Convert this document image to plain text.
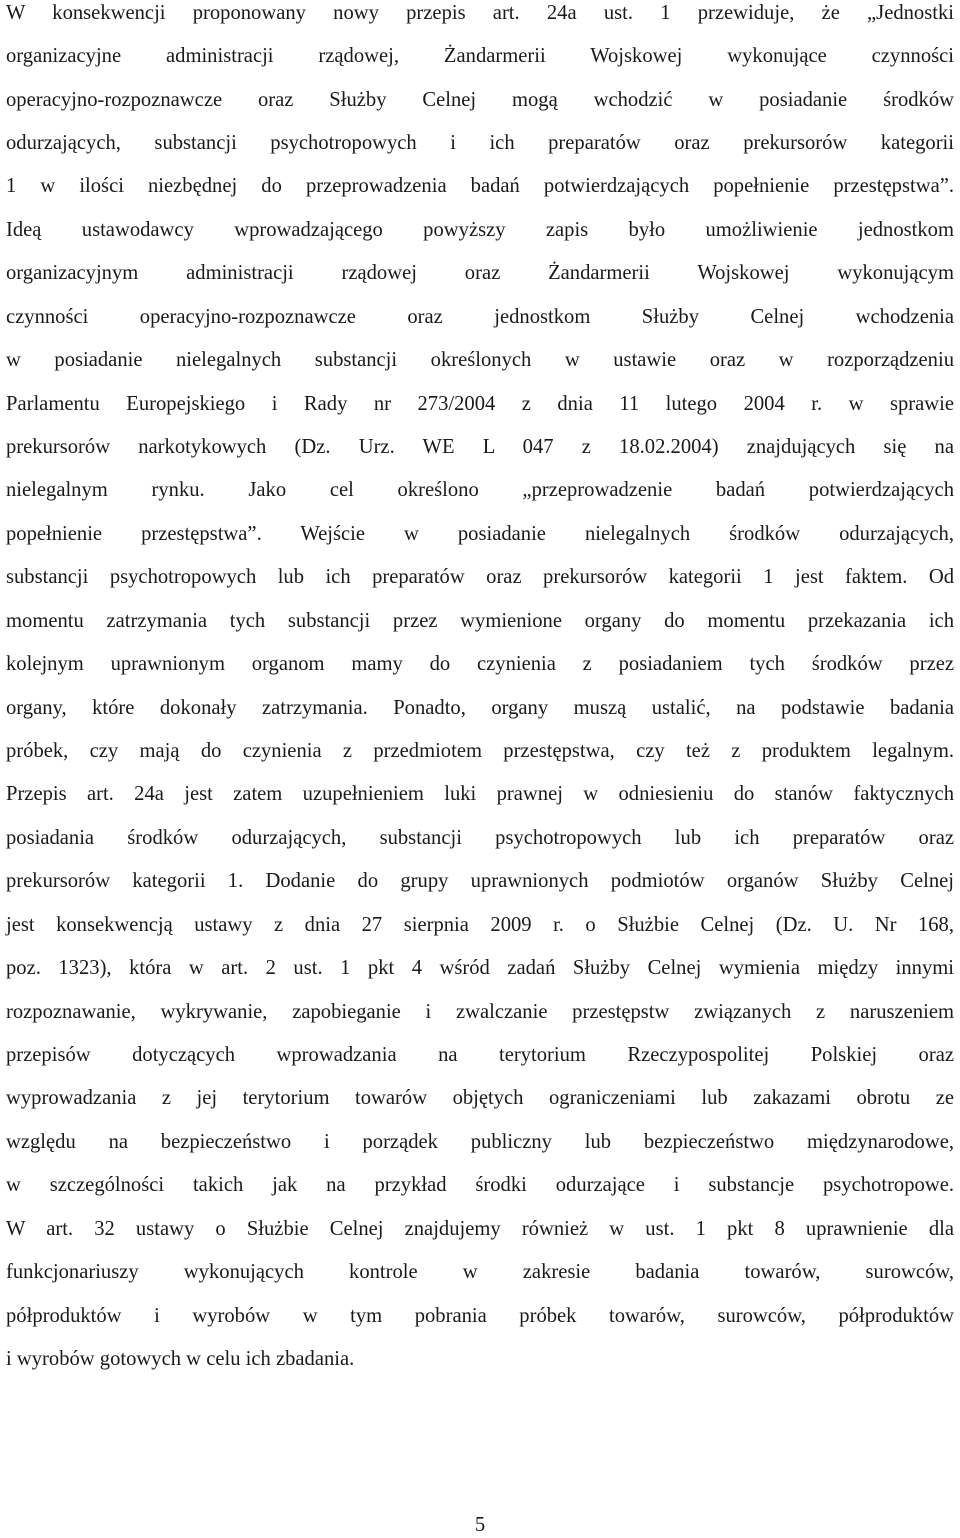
W konsekwencji proponowany nowy przepis art. 24a ust. 1 przewiduje, że „Jednostki
organizacyjne administracji rządowej, Żandarmerii Wojskowej wykonujące czynności
operacyjno-rozpoznawcze oraz Służby Celnej mogą wchodzić w posiadanie środków
odurzających, substancji psychotropowych i ich preparatów oraz prekursorów kategorii
1 w ilości niezbędnej do przeprowadzenia badań potwierdzających popełnienie przestępstwa”.
Ideą ustawodawcy wprowadzającego powyższy zapis było umożliwienie jednostkom
organizacyjnym administracji rządowej oraz Żandarmerii Wojskowej wykonującym
czynności operacyjno-rozpoznawcze oraz jednostkom Służby Celnej wchodzenia
w posiadanie nielegalnych substancji określonych w ustawie oraz w rozporządzeniu
Parlamentu Europejskiego i Rady nr 273/2004 z dnia 11 lutego 2004 r. w sprawie
prekursorów narkotykowych (Dz. Urz. WE L 047 z 18.02.2004) znajdujących się na
nielegalnym rynku. Jako cel określono „przeprowadzenie badań potwierdzających
popełnienie przestępstwa”. Wejście w posiadanie nielegalnych środków odurzających,
substancji psychotropowych lub ich preparatów oraz prekursorów kategorii 1 jest faktem. Od
momentu zatrzymania tych substancji przez wymienione organy do momentu przekazania ich
kolejnym uprawnionym organom mamy do czynienia z posiadaniem tych środków przez
organy, które dokonały zatrzymania. Ponadto, organy muszą ustalić, na podstawie badania
próbek, czy mają do czynienia z przedmiotem przestępstwa, czy też z produktem legalnym.
Przepis art. 24a jest zatem uzupełnieniem luki prawnej w odniesieniu do stanów faktycznych
posiadania środków odurzających, substancji psychotropowych lub ich preparatów oraz
prekursorów kategorii 1. Dodanie do grupy uprawnionych podmiotów organów Służby Celnej
jest konsekwencją ustawy z dnia 27 sierpnia 2009 r. o Służbie Celnej (Dz. U. Nr 168,
poz. 1323), która w art. 2 ust. 1 pkt 4 wśród zadań Służby Celnej wymienia między innymi
rozpoznawanie, wykrywanie, zapobieganie i zwalczanie przestępstw związanych z naruszeniem
przepisów dotyczących wprowadzania na terytorium Rzeczypospolitej Polskiej oraz
wyprowadzania z jej terytorium towarów objętych ograniczeniami lub zakazami obrotu ze
względu na bezpieczeństwo i porządek publiczny lub bezpieczeństwo międzynarodowe,
w szczególności takich jak na przykład środki odurzające i substancje psychotropowe.
W art. 32 ustawy o Służbie Celnej znajdujemy również w ust. 1 pkt 8 uprawnienie dla
funkcjonariuszy wykonujących kontrole w zakresie badania towarów, surowców,
półproduktów i wyrobów w tym pobrania próbek towarów, surowców, półproduktów
i wyrobów gotowych w celu ich zbadania.
5
